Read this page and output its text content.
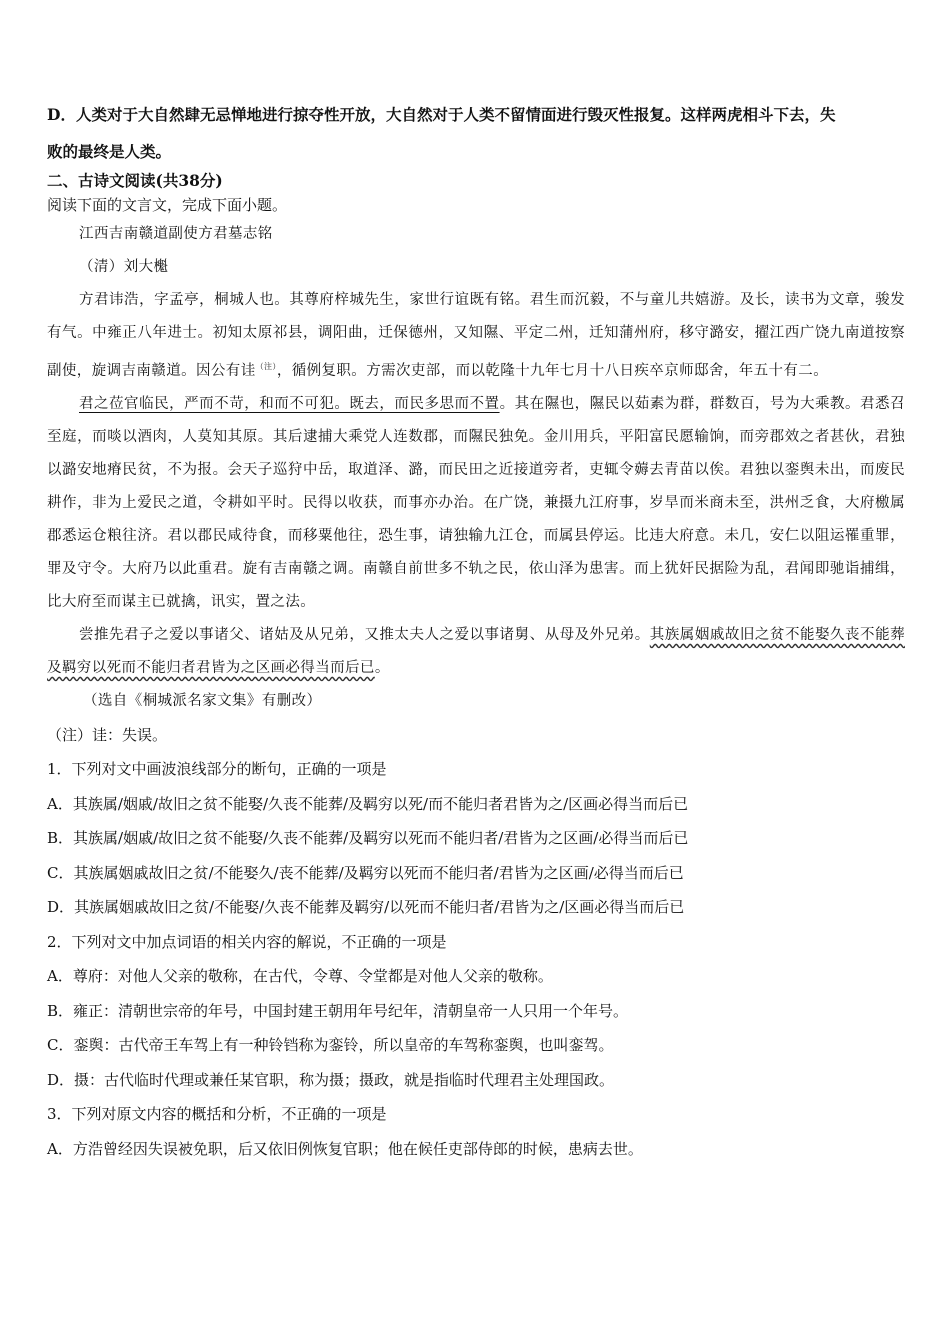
D．人类对于大自然肆无忌惮地进行掠夺性开放，大自然对于人类不留情面进行毁灭性报复。这样两虎相斗下去，失
败的最终是人类。

二、古诗文阅读(共38分)

阅读下面的文言文，完成下面小题。

江西吉南赣道副使方君墓志铭

（清）刘大櫆

方君讳浩，字孟亭，桐城人也。其尊府梓城先生，家世行谊既有铭。君生而沉毅，不与童儿共嬉游。及长，读书为文章，骏发有气。中雍正八年进士。初知太原祁县，调阳曲，迁保德州，又知隰、平定二州，迁知蒲州府，移守潞安，擢江西广饶九南道按察副使，旋调吉南赣道。因公有诖$^{(注)}$，循例复职。方需次吏部，而以乾隆十九年七月十八日疾卒京师邸舍，年五十有二。

君之莅官临民，严而不苛，和而不可犯。既去，而民多思而不置。其在隰也，隰民以茹素为群，群数百，号为大乘教。君悉召至庭，而啖以酒肉，人莫知其原。其后逮捕大乘党人连数郡，而隰民独免。金川用兵，平阳富民愿输饷，而旁郡效之者甚伙，君独以潞安地瘠民贫，不为报。会天子巡狩中岳，取道泽、潞，而民田之近接道旁者，吏辄令薅去青苗以俟。君独以銮舆未出，而废民耕作，非为上爱民之道，令耕如平时。民得以收获，而事亦办治。在广饶，兼摄九江府事，岁旱而米商未至，洪州乏食，大府檄属郡悉运仓粮往济。君以郡民咸待食，而移粟他往，恐生事，请独输九江仓，而属县停运。比违大府意。未几，安仁以阻运罹重罪，罪及守令。大府乃以此重君。旋有吉南赣之调。南赣自前世多不轨之民，依山泽为患害。而上犹奸民据险为乱，君闻即驰诣捕缉，比大府至而谋主已就擒，讯实，置之法。

尝推先君子之爱以事诸父、诸姑及从兄弟，又推太夫人之爱以事诸舅、从母及外兄弟。其族属姻戚故旧之贫不能娶久丧不能葬及羁穷以死而不能归者君皆为之区画必得当而后已。

（选自《桐城派名家文集》有删改）

（注）诖：失误。

1．下列对文中画波浪线部分的断句，正确的一项是

A．其族属/姻戚/故旧之贫不能娶/久丧不能葬/及羁穷以死/而不能归者君皆为之/区画必得当而后已

B．其族属/姻戚/故旧之贫不能娶/久丧不能葬/及羁穷以死而不能归者/君皆为之区画/必得当而后已

C．其族属姻戚故旧之贫/不能娶久/丧不能葬/及羁穷以死而不能归者/君皆为之区画/必得当而后已

D．其族属姻戚故旧之贫/不能娶/久丧不能葬及羁穷/以死而不能归者/君皆为之/区画必得当而后已

2．下列对文中加点词语的相关内容的解说，不正确的一项是

A．尊府：对他人父亲的敬称，在古代，令尊、令堂都是对他人父亲的敬称。

B．雍正：清朝世宗帝的年号，中国封建王朝用年号纪年，清朝皇帝一人只用一个年号。

C．銮舆：古代帝王车驾上有一种铃铛称为銮铃，所以皇帝的车驾称銮舆，也叫銮驾。

D．摄：古代临时代理或兼任某官职，称为摄；摄政，就是指临时代理君主处理国政。

3．下列对原文内容的概括和分析，不正确的一项是

A．方浩曾经因失误被免职，后又依旧例恢复官职；他在候任吏部侍郎的时候，患病去世。
